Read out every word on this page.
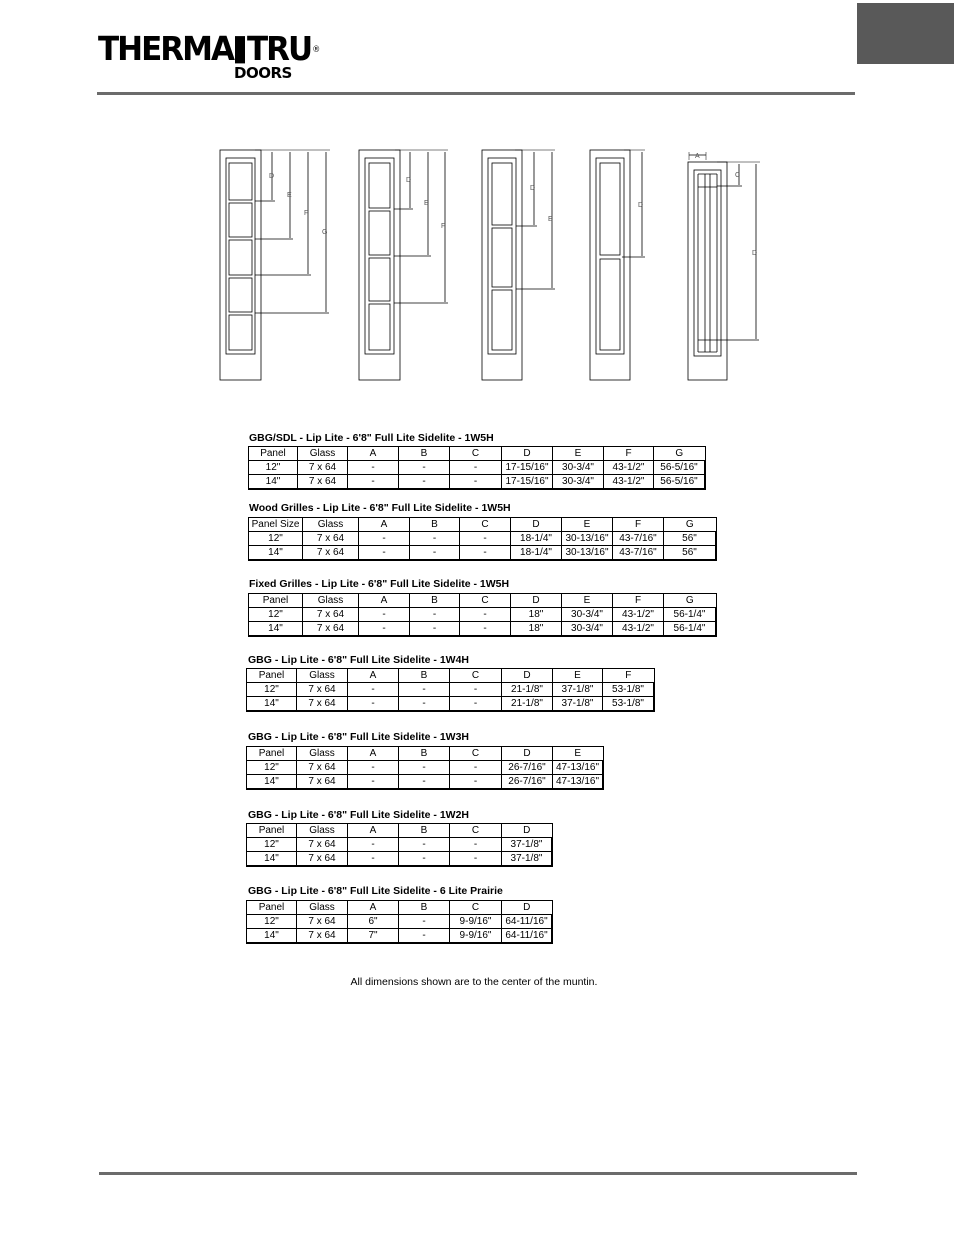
THERMA TRU®
DOORS
D
E
F
G
D
E
F
D
E
D
A
C
D
GBG/SDL - Lip Lite - 6'8" Full Lite Sidelite - 1W5H
Panel	Glass	A	B	C	D	E	F	G
12"	7 x 64	-	-	-	17-15/16"	30-3/4"	43-1/2"	56-5/16"
14"	7 x 64	-	-	-	17-15/16"	30-3/4"	43-1/2"	56-5/16"
Wood Grilles - Lip Lite - 6'8" Full Lite Sidelite - 1W5H
Panel Size	Glass	A	B	C	D	E	F	G
12"	7 x 64	-	-	-	18-1/4"	30-13/16"	43-7/16"	56"
14"	7 x 64	-	-	-	18-1/4"	30-13/16"	43-7/16"	56"
Fixed Grilles - Lip Lite - 6'8" Full Lite Sidelite - 1W5H
Panel	Glass	A	B	C	D	E	F	G
12"	7 x 64	-	-	-	18"	30-3/4"	43-1/2"	56-1/4"
14"	7 x 64	-	-	-	18"	30-3/4"	43-1/2"	56-1/4"
GBG - Lip Lite - 6'8" Full Lite Sidelite - 1W4H
Panel	Glass	A	B	C	D	E	F
12"	7 x 64	-	-	-	21-1/8"	37-1/8"	53-1/8"
14"	7 x 64	-	-	-	21-1/8"	37-1/8"	53-1/8"
GBG - Lip Lite - 6'8" Full Lite Sidelite - 1W3H
Panel	Glass	A	B	C	D	E
12"	7 x 64	-	-	-	26-7/16"	47-13/16"
14"	7 x 64	-	-	-	26-7/16"	47-13/16"
GBG - Lip Lite - 6'8" Full Lite Sidelite - 1W2H
Panel	Glass	A	B	C	D
12"	7 x 64	-	-	-	37-1/8"
14"	7 x 64	-	-	-	37-1/8"
GBG - Lip Lite - 6'8" Full Lite Sidelite - 6 Lite Prairie
Panel	Glass	A	B	C	D
12"	7 x 64	6"	-	9-9/16"	64-11/16"
14"	7 x 64	7"	-	9-9/16"	64-11/16"
All dimensions shown are to the center of the muntin.
